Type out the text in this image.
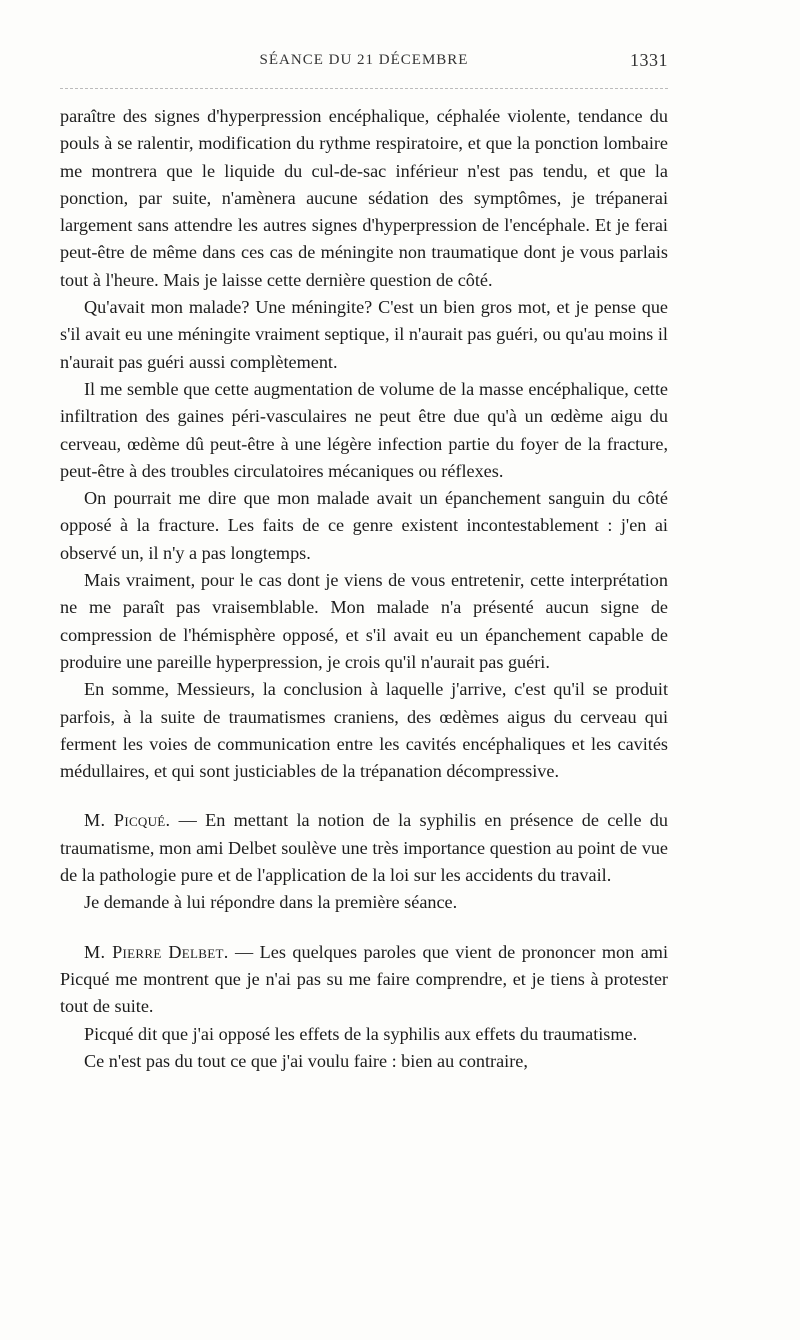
SÉANCE DU 21 DÉCEMBRE	1331

paraître des signes d'hyperpression encéphalique, céphalée violente, tendance du pouls à se ralentir, modification du rythme respiratoire, et que la ponction lombaire me montrera que le liquide du cul-de-sac inférieur n'est pas tendu, et que la ponction, par suite, n'amènera aucune sédation des symptômes, je trépanerai largement sans attendre les autres signes d'hyperpression de l'encéphale. Et je ferai peut-être de même dans ces cas de méningite non traumatique dont je vous parlais tout à l'heure. Mais je laisse cette dernière question de côté.

Qu'avait mon malade? Une méningite? C'est un bien gros mot, et je pense que s'il avait eu une méningite vraiment septique, il n'aurait pas guéri, ou qu'au moins il n'aurait pas guéri aussi complètement.

Il me semble que cette augmentation de volume de la masse encéphalique, cette infiltration des gaines péri-vasculaires ne peut être due qu'à un œdème aigu du cerveau, œdème dû peut-être à une légère infection partie du foyer de la fracture, peut-être à des troubles circulatoires mécaniques ou réflexes.

On pourrait me dire que mon malade avait un épanchement sanguin du côté opposé à la fracture. Les faits de ce genre existent incontestablement : j'en ai observé un, il n'y a pas longtemps.

Mais vraiment, pour le cas dont je viens de vous entretenir, cette interprétation ne me paraît pas vraisemblable. Mon malade n'a présenté aucun signe de compression de l'hémisphère opposé, et s'il avait eu un épanchement capable de produire une pareille hyperpression, je crois qu'il n'aurait pas guéri.

En somme, Messieurs, la conclusion à laquelle j'arrive, c'est qu'il se produit parfois, à la suite de traumatismes craniens, des œdèmes aigus du cerveau qui ferment les voies de communication entre les cavités encéphaliques et les cavités médullaires, et qui sont justiciables de la trépanation décompressive.

M. Picqué. — En mettant la notion de la syphilis en présence de celle du traumatisme, mon ami Delbet soulève une très importance question au point de vue de la pathologie pure et de l'application de la loi sur les accidents du travail.

Je demande à lui répondre dans la première séance.

M. Pierre Delbet. — Les quelques paroles que vient de prononcer mon ami Picqué me montrent que je n'ai pas su me faire comprendre, et je tiens à protester tout de suite.

Picqué dit que j'ai opposé les effets de la syphilis aux effets du traumatisme.

Ce n'est pas du tout ce que j'ai voulu faire : bien au contraire,
